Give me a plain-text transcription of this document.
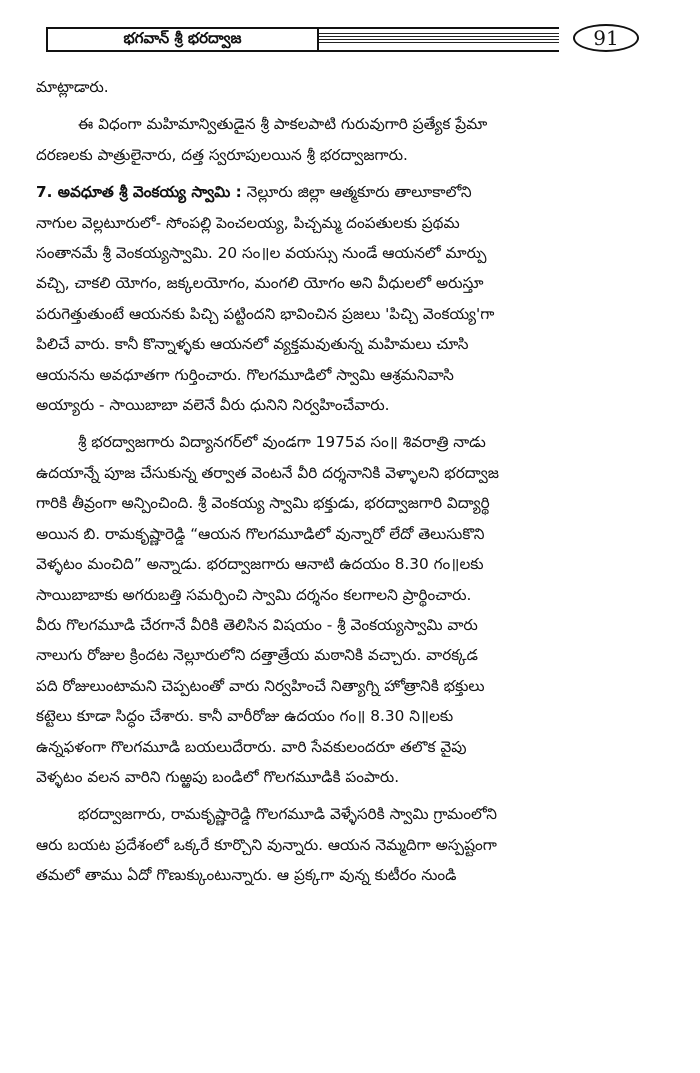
భగవాన్ శ్రీ భరద్వాజ	91

మాట్లాడారు.

ఈ విధంగా మహిమాన్వితుడైన శ్రీ పాకలపాటి గురువుగారి ప్రత్యేక ప్రేమా
దరణలకు పాత్రులైనారు, దత్త స్వరూపులయిన శ్రీ భరద్వాజగారు.

7. అవధూత శ్రీ వెంకయ్య స్వామి : నెల్లూరు జిల్లా ఆత్మకూరు తాలూకాలోని
నాగుల వెల్లటూరులో- సోంపల్లి పెంచలయ్య, పిచ్చమ్మ దంపతులకు ప్రథమ
సంతానమే శ్రీ వెంకయ్యస్వామి. 20 సం॥ల వయస్సు నుండే ఆయనలో మార్పు
వచ్చి, చాకలి యోగం, జక్కలయోగం, మంగలి యోగం అని వీధులలో అరుస్తూ
పరుగెత్తుతుంటే ఆయనకు పిచ్చి పట్టిందని భావించిన ప్రజలు 'పిచ్చి వెంకయ్య'గా
పిలిచే వారు. కానీ కొన్నాళ్ళకు ఆయనలో వ్యక్తమవుతున్న మహిమలు చూసి
ఆయనను అవధూతగా గుర్తించారు. గొలగమూడిలో స్వామి ఆశ్రమనివాసి
అయ్యారు - సాయిబాబా వలెనే వీరు ధునిని నిర్వహించేవారు.

శ్రీ భరద్వాజగారు విద్యానగర్‌లో వుండగా 1975వ సం॥ శివరాత్రి నాడు
ఉదయాన్నే పూజ చేసుకున్న తర్వాత వెంటనే వీరి దర్శనానికి వెళ్ళాలని భరద్వాజ
గారికి తీవ్రంగా అన్పించింది. శ్రీ వెంకయ్య స్వామి భక్తుడు, భరద్వాజగారి విద్యార్థి
అయిన బి. రామకృష్ణారెడ్డి “ఆయన గొలగమూడిలో వున్నారో లేదో తెలుసుకొని
వెళ్ళటం మంచిది” అన్నాడు. భరద్వాజగారు ఆనాటి ఉదయం 8.30 గం॥లకు
సాయిబాబాకు అగరుబత్తి సమర్పించి స్వామి దర్శనం కలగాలని ప్రార్థించారు.
వీరు గొలగమూడి చేరగానే వీరికి తెలిసిన విషయం - శ్రీ వెంకయ్యస్వామి వారు
నాలుగు రోజుల క్రిందట నెల్లూరులోని దత్తాత్రేయ మఠానికి వచ్చారు. వారక్కడ
పది రోజులుంటామని చెప్పటంతో వారు నిర్వహించే నిత్యాగ్ని హోత్రానికి భక్తులు
కట్టెలు కూడా సిద్ధం చేశారు. కానీ వారీరోజు ఉదయం గం॥ 8.30 ని॥లకు
ఉన్నఫళంగా గొలగమూడి బయలుదేరారు. వారి సేవకులందరూ తలొక వైపు
వెళ్ళటం వలన వారిని గుఱ్ఱపు బండిలో గొలగమూడికి పంపారు.

భరద్వాజగారు, రామకృష్ణారెడ్డి గొలగమూడి వెళ్ళేసరికి స్వామి గ్రామంలోని
ఆరు బయట ప్రదేశంలో ఒక్కరే కూర్చొని వున్నారు. ఆయన నెమ్మదిగా అస్పష్టంగా
తమలో తాము ఏదో గొణుక్కుంటున్నారు. ఆ ప్రక్కగా వున్న కుటీరం నుండి
